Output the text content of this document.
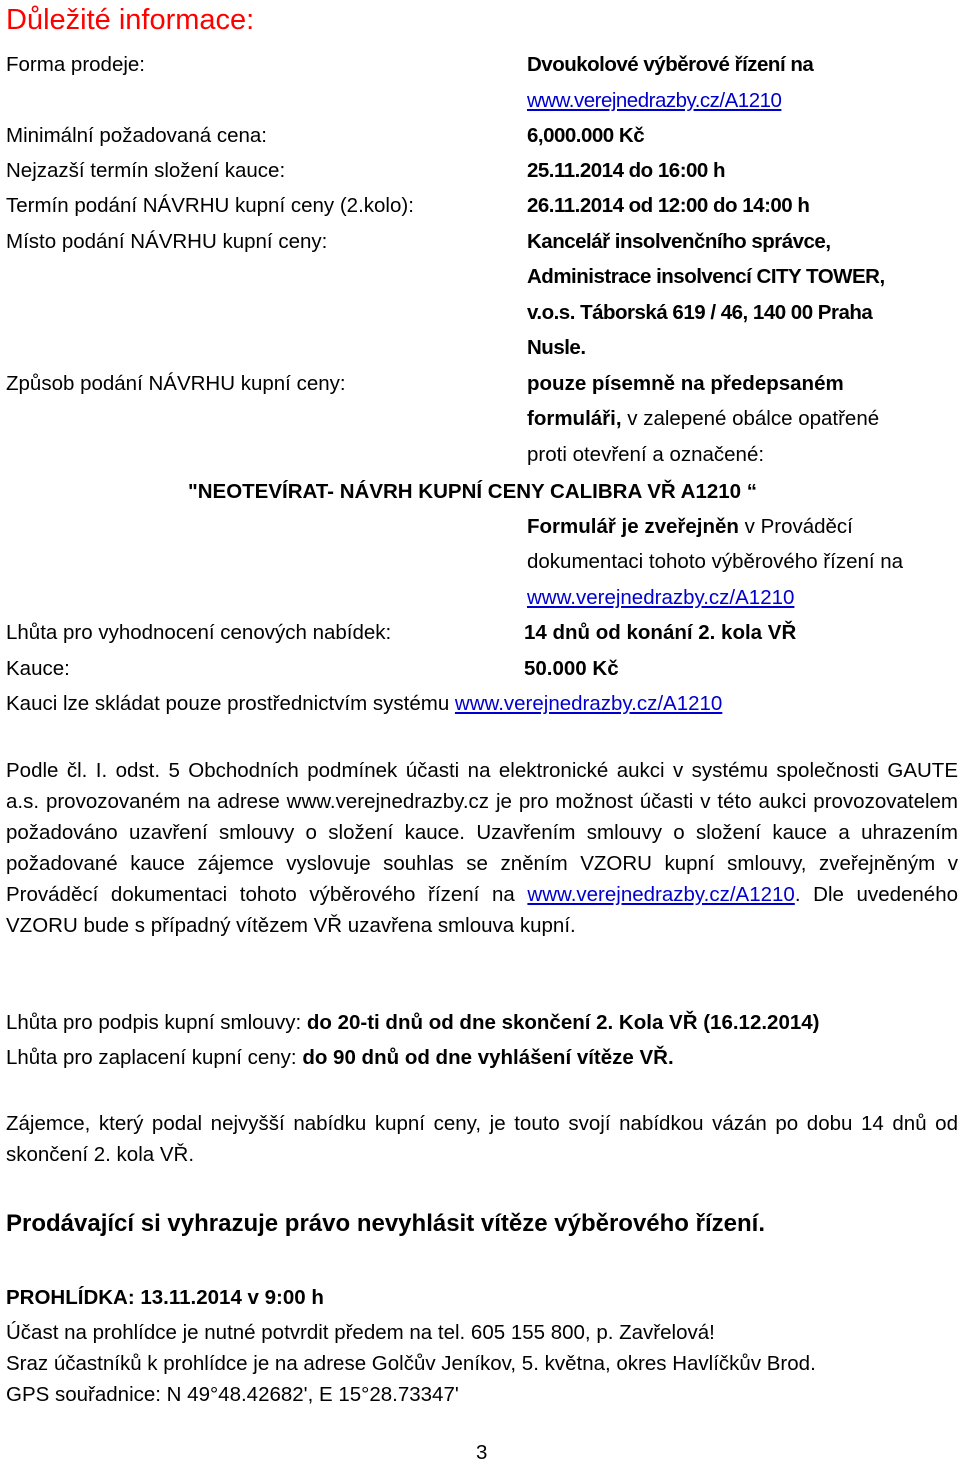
Důležité informace:
Forma prodeje:	Dvoukolové výběrové řízení na
www.verejnedrazby.cz/A1210
Minimální požadovaná cena:	6,000.000 Kč
Nejzazší termín složení kauce:	25.11.2014 do 16:00 h
Termín podání NÁVRHU kupní ceny (2.kolo):	26.11.2014 od 12:00 do 14:00 h
Místo podání NÁVRHU kupní ceny:	Kancelář insolvenčního správce,
Administrace insolvencí CITY TOWER,
v.o.s. Táborská 619 / 46, 140 00 Praha
Nusle.
Způsob podání NÁVRHU kupní ceny:	pouze písemně na předepsaném
formuláři, v zalepené obálce opatřené
proti otevření a označené:
"NEOTEVÍRAT- NÁVRH KUPNÍ CENY CALIBRA VŘ A1210 “
Formulář je zveřejněn v Prováděcí
dokumentaci tohoto výběrového řízení na
www.verejnedrazby.cz/A1210
Lhůta pro vyhodnocení cenových nabídek:	14 dnů od konání 2. kola VŘ
Kauce:	50.000 Kč
Kauci lze skládat pouze prostřednictvím systému www.verejnedrazby.cz/A1210
Podle čl. I. odst. 5 Obchodních podmínek účasti na elektronické aukci v systému společnosti GAUTE a.s. provozovaném na adrese www.verejnedrazby.cz je pro možnost účasti v této aukci provozovatelem požadováno uzavření smlouvy o složení kauce. Uzavřením smlouvy o složení kauce a uhrazením požadované kauce zájemce vyslovuje souhlas se zněním VZORU kupní smlouvy, zveřejněným v Prováděcí dokumentaci tohoto výběrového řízení na www.verejnedrazby.cz/A1210. Dle uvedeného VZORU bude s případný vítězem VŘ uzavřena smlouva kupní.
Lhůta pro podpis kupní smlouvy: do 20-ti dnů od dne skončení 2. Kola VŘ (16.12.2014)
Lhůta pro zaplacení kupní ceny: do 90 dnů od dne vyhlášení vítěze VŘ.
Zájemce, který podal nejvyšší nabídku kupní ceny, je touto svojí nabídkou vázán po dobu 14 dnů od skončení 2. kola VŘ.
Prodávající si vyhrazuje právo nevyhlásit vítěze výběrového řízení.
PROHLÍDKA: 13.11.2014 v 9:00 h
Účast na prohlídce je nutné potvrdit předem na tel. 605 155 800, p. Zavřelová!
Sraz účastníků k prohlídce je na adrese Golčův Jeníkov, 5. května, okres Havlíčkův Brod.
GPS souřadnice: N 49°48.42682', E 15°28.73347'
3
